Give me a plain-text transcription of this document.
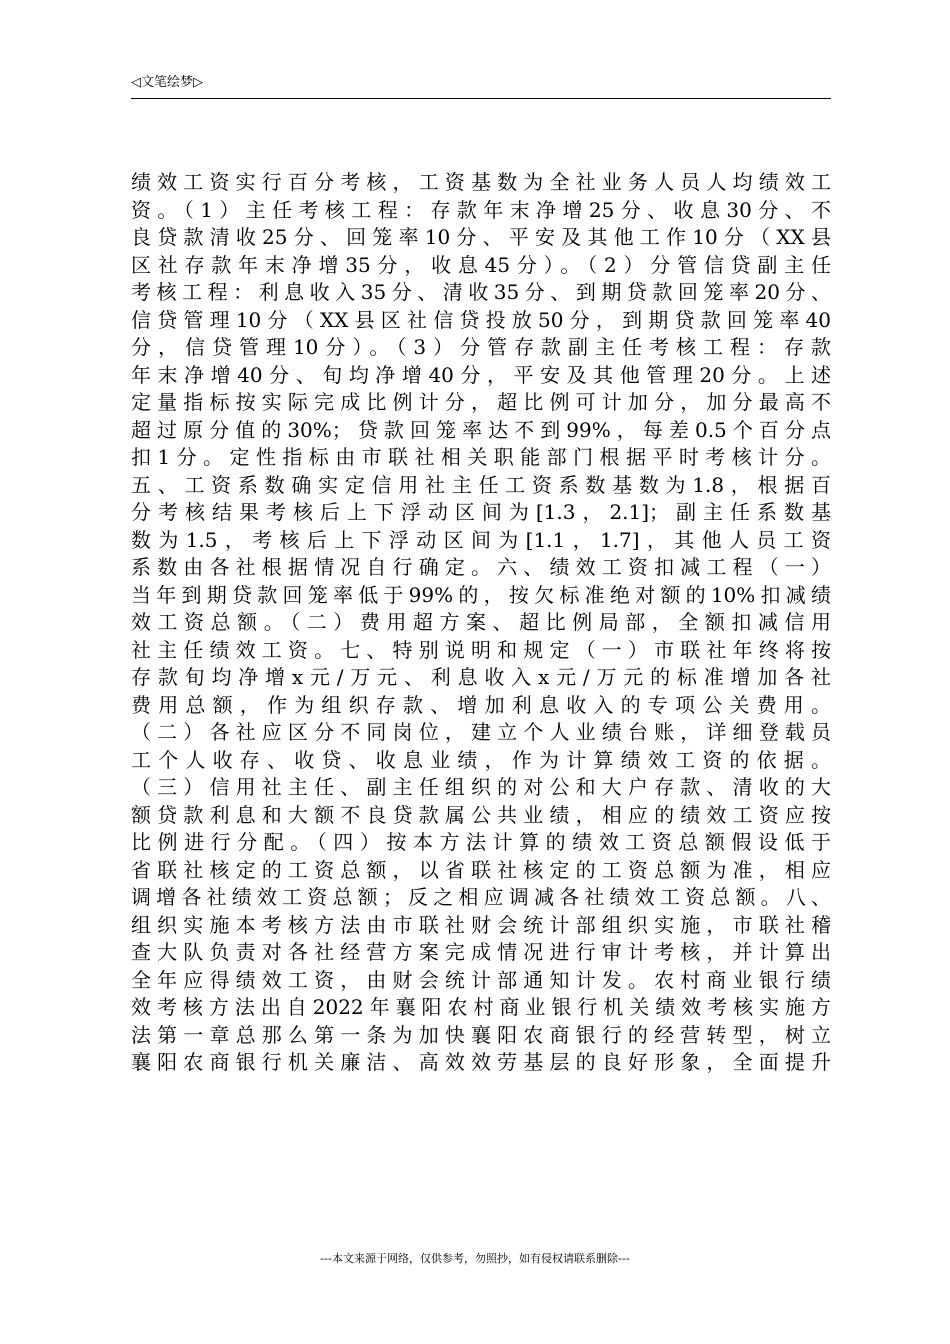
◁文笔绘梦▷
绩效工资实行百分考核，工资基数为全社业务人员人均绩效工
资。（1）主任考核工程：存款年末净增25分、收息30分、不
良贷款清收25分、回笼率10分、平安及其他工作10分（XX县
区社存款年末净增35分，收息45分）。（2）分管信贷副主任
考核工程：利息收入35分、清收35分、到期贷款回笼率20分、
信贷管理10分（XX县区社信贷投放50分，到期贷款回笼率40
分，信贷管理10分）。（3）分管存款副主任考核工程：存款
年末净增40分、旬均净增40分，平安及其他管理20分。上述
定量指标按实际完成比例计分，超比例可计加分，加分最高不
超过原分值的30%；贷款回笼率达不到99%，每差0.5个百分点
扣1分。定性指标由市联社相关职能部门根据平时考核计分。
五、工资系数确实定信用社主任工资系数基数为1.8，根据百
分考核结果考核后上下浮动区间为[1.3，2.1]；副主任系数基
数为1.5，考核后上下浮动区间为[1.1，1.7]，其他人员工资
系数由各社根据情况自行确定。六、绩效工资扣减工程（一）
当年到期贷款回笼率低于99%的，按欠标准绝对额的10%扣减绩
效工资总额。（二）费用超方案、超比例局部，全额扣减信用
社主任绩效工资。七、特别说明和规定（一）市联社年终将按
存款旬均净增x元/万元、利息收入x元/万元的标准增加各社
费用总额，作为组织存款、增加利息收入的专项公关费用。
（二）各社应区分不同岗位，建立个人业绩台账，详细登载员
工个人收存、收贷、收息业绩，作为计算绩效工资的依据。
（三）信用社主任、副主任组织的对公和大户存款、清收的大
额贷款利息和大额不良贷款属公共业绩，相应的绩效工资应按
比例进行分配。（四）按本方法计算的绩效工资总额假设低于
省联社核定的工资总额，以省联社核定的工资总额为准，相应
调增各社绩效工资总额；反之相应调减各社绩效工资总额。八、
组织实施本考核方法由市联社财会统计部组织实施，市联社稽
查大队负责对各社经营方案完成情况进行审计考核，并计算出
全年应得绩效工资，由财会统计部通知计发。农村商业银行绩
效考核方法出自2022年襄阳农村商业银行机关绩效考核实施方
法第一章总那么第一条为加快襄阳农商银行的经营转型，树立
襄阳农商银行机关廉洁、高效效劳基层的良好形象，全面提升
---本文来源于网络，仅供参考，勿照抄，如有侵权请联系删除---
